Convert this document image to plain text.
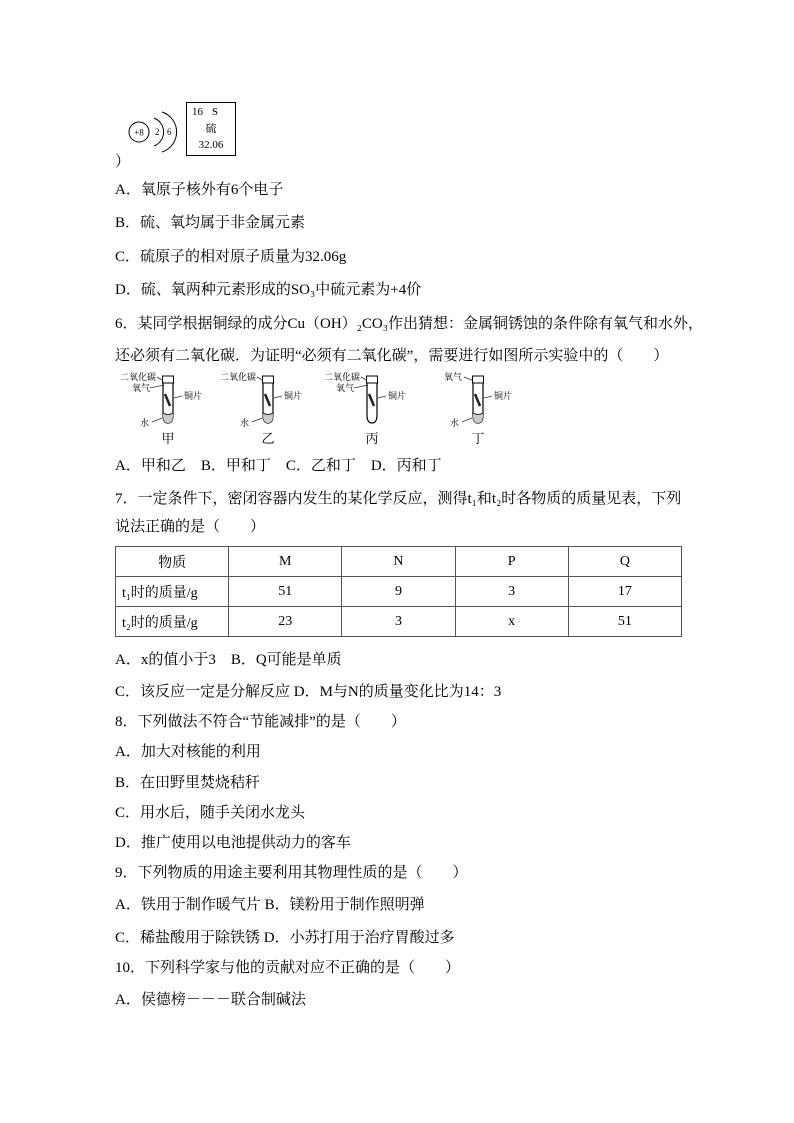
+8 2 6
16 S
硫
32.06
）
A．氧原子核外有6个电子
B．硫、氧均属于非金属元素
C．硫原子的相对原子质量为32.06g
D．硫、氧两种元素形成的SO₃中硫元素为+4价
6．某同学根据铜绿的成分Cu（OH）₂CO₃作出猜想：金属铜锈蚀的条件除有氧气和水外，
还必须有二氧化碳．为证明“必须有二氧化碳”，需要进行如图所示实验中的（　　）
二氧化碳
氧气
铜片
水
甲
二氧化碳
铜片
水
乙
二氧化碳
氧气
铜片
丙
氧气
铜片
水
丁
A．甲和乙　B．甲和丁　C．乙和丁　D．丙和丁
7．一定条件下，密闭容器内发生的某化学反应，测得t₁和t₂时各物质的质量见表，下列
说法正确的是（　　）
物质	M	N	P	Q
t₁时的质量/g	51	9	3	17
t₂时的质量/g	23	3	x	51
A．x的值小于3　B．Q可能是单质
C．该反应一定是分解反应 D．M与N的质量变化比为14：3
8．下列做法不符合“节能减排”的是（　　）
A．加大对核能的利用
B．在田野里焚烧秸秆
C．用水后，随手关闭水龙头
D．推广使用以电池提供动力的客车
9．下列物质的用途主要利用其物理性质的是（　　）
A．铁用于制作暖气片 B．镁粉用于制作照明弹
C．稀盐酸用于除铁锈 D．小苏打用于治疗胃酸过多
10．下列科学家与他的贡献对应不正确的是（　　）
A．侯德榜－－－联合制碱法
